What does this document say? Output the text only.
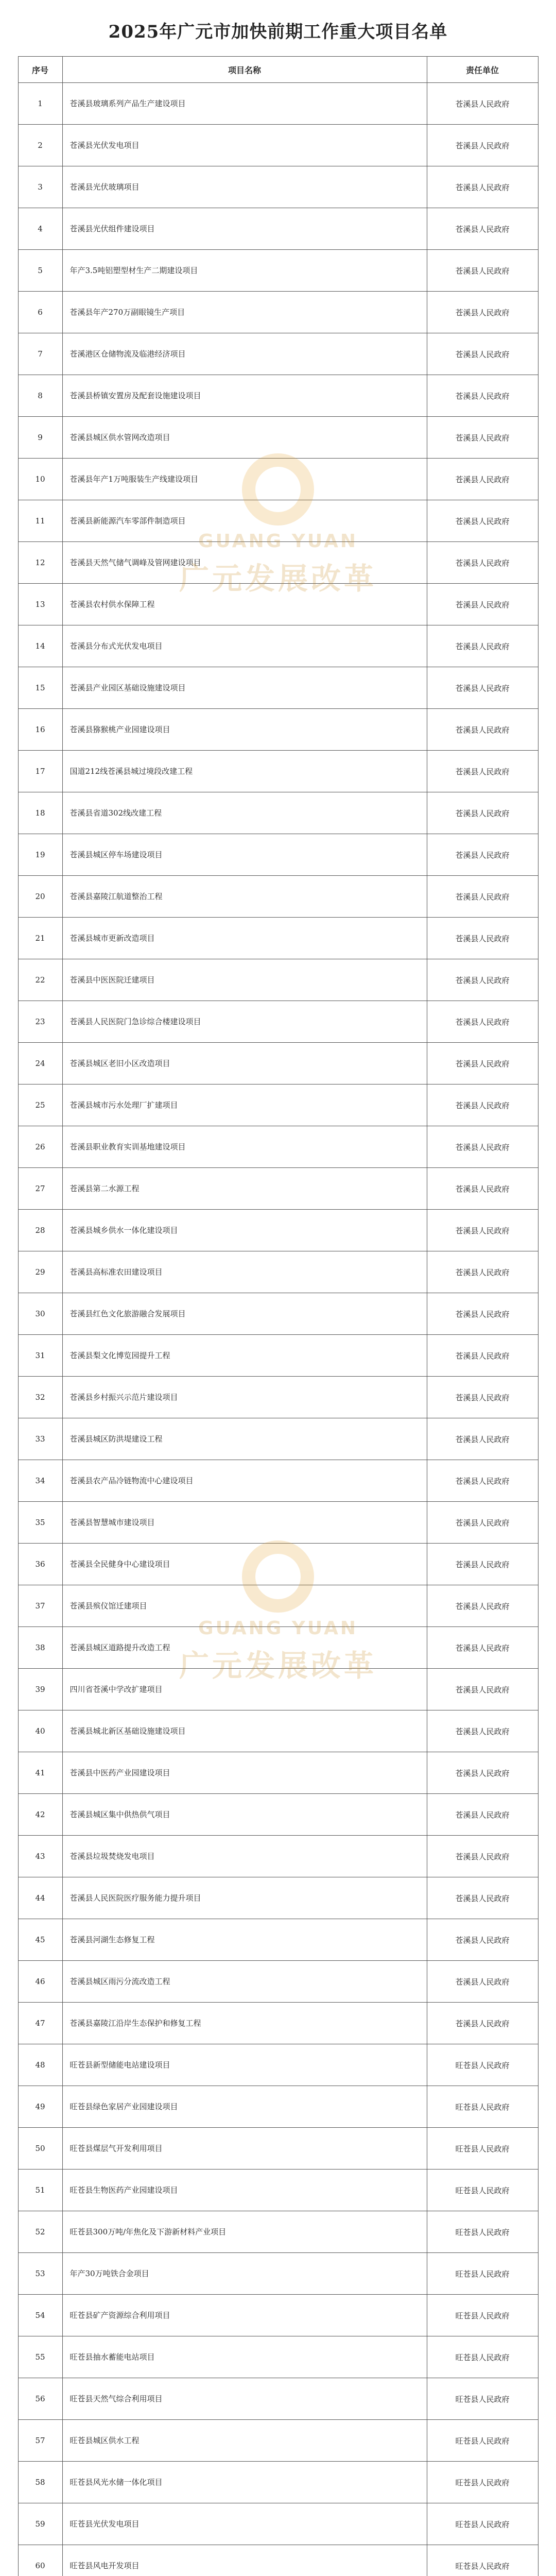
2025年广元市加快前期工作重大项目名单
序号	项目名称	责任单位
1	苍溪县玻璃系列产品生产建设项目	苍溪县人民政府
2	苍溪县光伏发电项目	苍溪县人民政府
3	苍溪县光伏玻璃项目	苍溪县人民政府
4	苍溪县光伏组件建设项目	苍溪县人民政府
5	年产3.5吨铝塑型材生产二期建设项目	苍溪县人民政府
6	苍溪县年产270万副眼镜生产项目	苍溪县人民政府
7	苍溪港区仓储物流及临港经济项目	苍溪县人民政府
8	苍溪县桥镇安置房及配套设施建设项目	苍溪县人民政府
9	苍溪县城区供水管网改造项目	苍溪县人民政府
10	苍溪县年产1万吨服装生产线建设项目	苍溪县人民政府
11	苍溪县新能源汽车零部件制造项目	苍溪县人民政府
12	苍溪县天然气储气调峰及管网建设项目	苍溪县人民政府
13	苍溪县农村供水保障工程	苍溪县人民政府
14	苍溪县分布式光伏发电项目	苍溪县人民政府
15	苍溪县产业园区基础设施建设项目	苍溪县人民政府
16	苍溪县猕猴桃产业园建设项目	苍溪县人民政府
17	国道212线苍溪县城过境段改建工程	苍溪县人民政府
18	苍溪县省道302线改建工程	苍溪县人民政府
19	苍溪县城区停车场建设项目	苍溪县人民政府
20	苍溪县嘉陵江航道整治工程	苍溪县人民政府
21	苍溪县城市更新改造项目	苍溪县人民政府
22	苍溪县中医医院迁建项目	苍溪县人民政府
23	苍溪县人民医院门急诊综合楼建设项目	苍溪县人民政府
24	苍溪县城区老旧小区改造项目	苍溪县人民政府
25	苍溪县城市污水处理厂扩建项目	苍溪县人民政府
26	苍溪县职业教育实训基地建设项目	苍溪县人民政府
27	苍溪县第二水源工程	苍溪县人民政府
28	苍溪县城乡供水一体化建设项目	苍溪县人民政府
29	苍溪县高标准农田建设项目	苍溪县人民政府
30	苍溪县红色文化旅游融合发展项目	苍溪县人民政府
31	苍溪县梨文化博览园提升工程	苍溪县人民政府
32	苍溪县乡村振兴示范片建设项目	苍溪县人民政府
33	苍溪县城区防洪堤建设工程	苍溪县人民政府
34	苍溪县农产品冷链物流中心建设项目	苍溪县人民政府
35	苍溪县智慧城市建设项目	苍溪县人民政府
36	苍溪县全民健身中心建设项目	苍溪县人民政府
37	苍溪县殡仪馆迁建项目	苍溪县人民政府
38	苍溪县城区道路提升改造工程	苍溪县人民政府
39	四川省苍溪中学改扩建项目	苍溪县人民政府
40	苍溪县城北新区基础设施建设项目	苍溪县人民政府
41	苍溪县中医药产业园建设项目	苍溪县人民政府
42	苍溪县城区集中供热供气项目	苍溪县人民政府
43	苍溪县垃圾焚烧发电项目	苍溪县人民政府
44	苍溪县人民医院医疗服务能力提升项目	苍溪县人民政府
45	苍溪县河湖生态修复工程	苍溪县人民政府
46	苍溪县城区雨污分流改造工程	苍溪县人民政府
47	苍溪县嘉陵江沿岸生态保护和修复工程	苍溪县人民政府
48	旺苍县新型储能电站建设项目	旺苍县人民政府
49	旺苍县绿色家居产业园建设项目	旺苍县人民政府
50	旺苍县煤层气开发利用项目	旺苍县人民政府
51	旺苍县生物医药产业园建设项目	旺苍县人民政府
52	旺苍县300万吨/年焦化及下游新材料产业项目	旺苍县人民政府
53	年产30万吨铁合金项目	旺苍县人民政府
54	旺苍县矿产资源综合利用项目	旺苍县人民政府
55	旺苍县抽水蓄能电站项目	旺苍县人民政府
56	旺苍县天然气综合利用项目	旺苍县人民政府
57	旺苍县城区供水工程	旺苍县人民政府
58	旺苍县风光水储一体化项目	旺苍县人民政府
59	旺苍县光伏发电项目	旺苍县人民政府
60	旺苍县风电开发项目	旺苍县人民政府

GUANG YUAN
广元发展改革
GUANG YUAN
广元发展改革
